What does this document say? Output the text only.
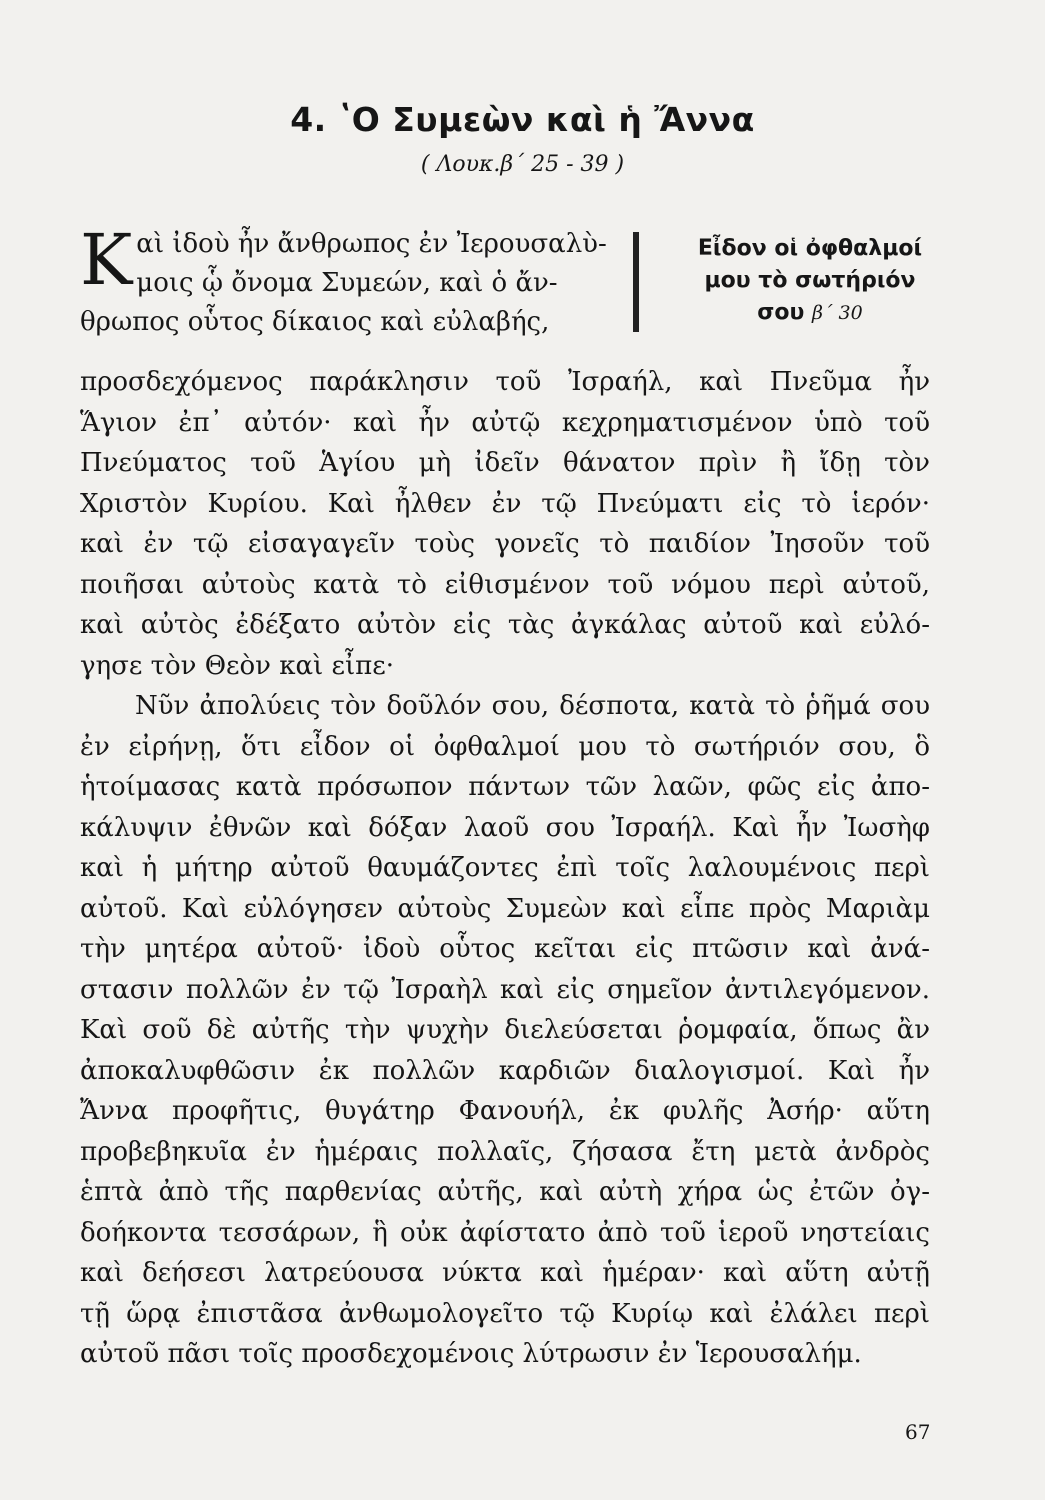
4. ʽΟ Συμεὼν καὶ ἡ Ἄννα
( Λουκ.β´ 25 - 39 )
Κ αὶ ἰδοὺ ἦν ἄνθρωπος ἐν Ἰερουσαλὺ-
μοις ᾧ ὄνομα Συμεών, καὶ ὁ ἄν-
θρωπος οὗτος δίκαιος καὶ εὐλαβής,
Εἶδον οἱ ὀφθαλμοί
μου τὸ σωτήριόν
σου β´ 30

προσδεχόμενος παράκλησιν τοῦ Ἰσραήλ, καὶ Πνεῦμα ἦν
Ἅγιον ἐπ᾽ αὐτόν· καὶ ἦν αὐτῷ κεχρηματισμένον ὑπὸ τοῦ
Πνεύματος τοῦ Ἁγίου μὴ ἰδεῖν θάνατον πρὶν ἢ ἴδῃ τὸν
Χριστὸν Κυρίου. Καὶ ἦλθεν ἐν τῷ Πνεύματι εἰς τὸ ἱερόν·
καὶ ἐν τῷ εἰσαγαγεῖν τοὺς γονεῖς τὸ παιδίον Ἰησοῦν τοῦ
ποιῆσαι αὐτοὺς κατὰ τὸ εἰθισμένον τοῦ νόμου περὶ αὐτοῦ,
καὶ αὐτὸς ἐδέξατο αὐτὸν εἰς τὰς ἀγκάλας αὐτοῦ καὶ εὐλό-
γησε τὸν Θεὸν καὶ εἶπε·

Νῦν ἀπολύεις τὸν δοῦλόν σου, δέσποτα, κατὰ τὸ ῥῆμά σου
ἐν εἰρήνῃ, ὅτι εἶδον οἱ ὀφθαλμοί μου τὸ σωτήριόν σου, ὃ
ἡτοίμασας κατὰ πρόσωπον πάντων τῶν λαῶν, φῶς εἰς ἀπο-
κάλυψιν ἐθνῶν καὶ δόξαν λαοῦ σου Ἰσραήλ. Καὶ ἦν Ἰωσὴφ
καὶ ἡ μήτηρ αὐτοῦ θαυμάζοντες ἐπὶ τοῖς λαλουμένοις περὶ
αὐτοῦ. Καὶ εὐλόγησεν αὐτοὺς Συμεὼν καὶ εἶπε πρὸς Μαριὰμ
τὴν μητέρα αὐτοῦ· ἰδοὺ οὗτος κεῖται εἰς πτῶσιν καὶ ἀνά-
στασιν πολλῶν ἐν τῷ Ἰσραὴλ καὶ εἰς σημεῖον ἀντιλεγόμενον.
Καὶ σοῦ δὲ αὐτῆς τὴν ψυχὴν διελεύσεται ῥομφαία, ὅπως ἂν
ἀποκαλυφθῶσιν ἐκ πολλῶν καρδιῶν διαλογισμοί. Καὶ ἦν
Ἄννα προφῆτις, θυγάτηρ Φανουήλ, ἐκ φυλῆς Ἀσήρ· αὕτη
προβεβηκυῖα ἐν ἡμέραις πολλαῖς, ζήσασα ἔτη μετὰ ἀνδρὸς
ἑπτὰ ἀπὸ τῆς παρθενίας αὐτῆς, καὶ αὐτὴ χήρα ὡς ἐτῶν ὀγ-
δοήκοντα τεσσάρων, ἣ οὐκ ἀφίστατο ἀπὸ τοῦ ἱεροῦ νηστείαις
καὶ δεήσεσι λατρεύουσα νύκτα καὶ ἡμέραν· καὶ αὕτη αὐτῇ
τῇ ὥρᾳ ἐπιστᾶσα ἀνθωμολογεῖτο τῷ Κυρίῳ καὶ ἐλάλει περὶ
αὐτοῦ πᾶσι τοῖς προσδεχομένοις λύτρωσιν ἐν Ἱερουσαλήμ.

67
